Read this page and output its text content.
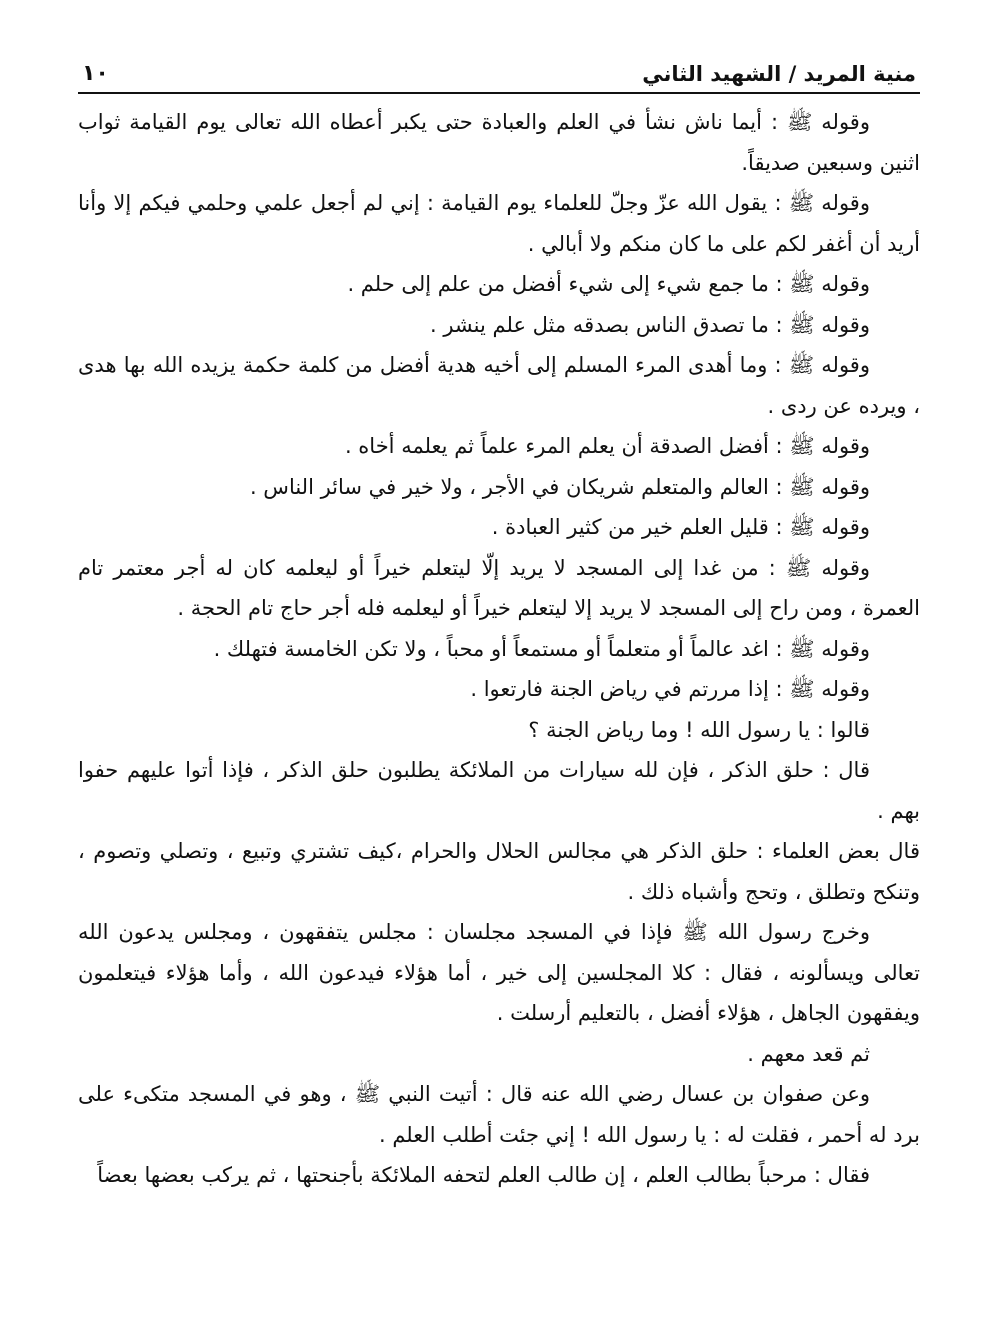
منية المريد / الشهيد الثاني
١٠

وقوله ﷺ : أيما ناش نشأ في العلم والعبادة حتى يكبر أعطاه الله تعالى يوم القيامة ثواب اثنين وسبعين صديقاً.

وقوله ﷺ : يقول الله عزّ وجلّ للعلماء يوم القيامة : إني لم أجعل علمي وحلمي فيكم إلا وأنا أريد أن أغفر لكم على ما كان منكم ولا أبالي .

وقوله ﷺ : ما جمع شيء إلى شيء أفضل من علم إلى حلم .

وقوله ﷺ : ما تصدق الناس بصدقه مثل علم ينشر .

وقوله ﷺ : وما أهدى المرء المسلم إلى أخيه هدية أفضل من كلمة حكمة يزيده الله بها هدى ، ويرده عن ردى .

وقوله ﷺ : أفضل الصدقة أن يعلم المرء علماً ثم يعلمه أخاه .

وقوله ﷺ : العالم والمتعلم شريكان في الأجر ، ولا خير في سائر الناس .

وقوله ﷺ : قليل العلم خير من كثير العبادة .

وقوله ﷺ : من غدا إلى المسجد لا يريد إلّا ليتعلم خيراً أو ليعلمه كان له أجر معتمر تام العمرة ، ومن راح إلى المسجد لا يريد إلا ليتعلم خيراً أو ليعلمه فله أجر حاج تام الحجة .

وقوله ﷺ : اغد عالماً أو متعلماً أو مستمعاً أو محباً ، ولا تكن الخامسة فتهلك .

وقوله ﷺ : إذا مررتم في رياض الجنة فارتعوا .

قالوا : يا رسول الله ! وما رياض الجنة ؟

قال : حلق الذكر ، فإن لله سيارات من الملائكة يطلبون حلق الذكر ، فإذا أتوا عليهم حفوا بهم .

قال بعض العلماء : حلق الذكر هي مجالس الحلال والحرام ،كيف تشتري وتبيع ، وتصلي وتصوم ، وتنكح وتطلق ، وتحج وأشباه ذلك .

وخرج رسول الله ﷺ فإذا في المسجد مجلسان : مجلس يتفقهون ، ومجلس يدعون الله تعالى ويسألونه ، فقال : كلا المجلسين إلى خير ، أما هؤلاء فيدعون الله ، وأما هؤلاء فيتعلمون ويفقهون الجاهل ، هؤلاء أفضل ، بالتعليم أرسلت .

ثم قعد معهم .

وعن صفوان بن عسال رضي الله عنه قال : أتيت النبي ﷺ ، وهو في المسجد متكىء على برد له أحمر ، فقلت له : يا رسول الله ! إني جئت أطلب العلم .

فقال : مرحباً بطالب العلم ، إن طالب العلم لتحفه الملائكة بأجنحتها ، ثم يركب بعضها بعضاً
